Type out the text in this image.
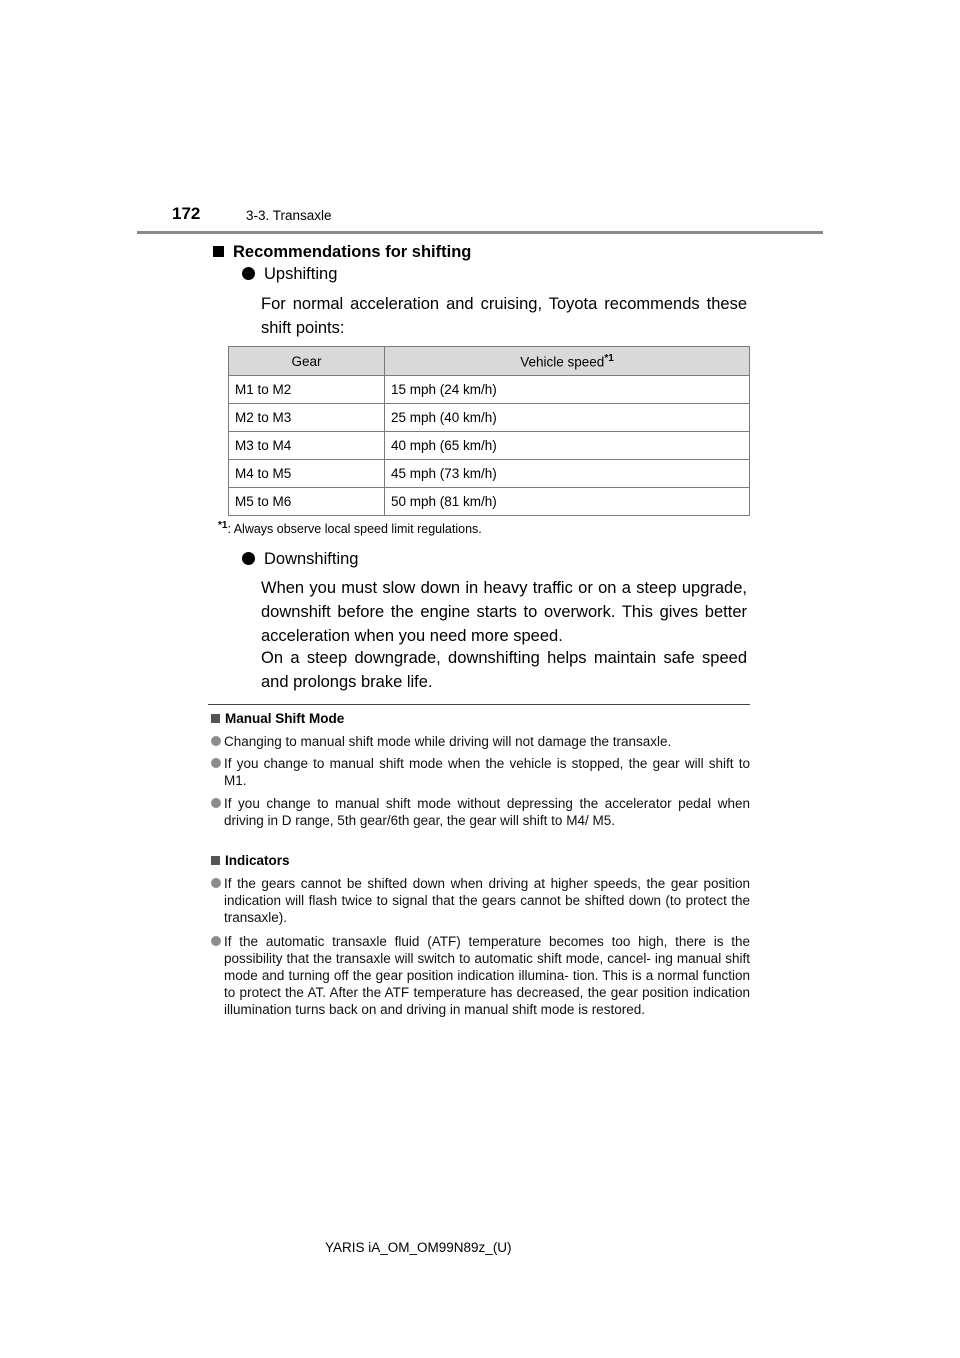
172	3-3. Transaxle
Recommendations for shifting
Upshifting
For normal acceleration and cruising, Toyota recommends these shift points:
Gear	Vehicle speed$^{*1}$
M1 to M2	15 mph (24 km/h)
M2 to M3	25 mph (40 km/h)
M3 to M4	40 mph (65 km/h)
M4 to M5	45 mph (73 km/h)
M5 to M6	50 mph (81 km/h)
$^{*1}$: Always observe local speed limit regulations.
Downshifting
When you must slow down in heavy traffic or on a steep upgrade, downshift before the engine starts to overwork. This gives better acceleration when you need more speed.
On a steep downgrade, downshifting helps maintain safe speed and prolongs brake life.
Manual Shift Mode
Changing to manual shift mode while driving will not damage the transaxle.
If you change to manual shift mode when the vehicle is stopped, the gear will shift to M1.
If you change to manual shift mode without depressing the accelerator pedal when driving in D range, 5th gear/6th gear, the gear will shift to M4/ M5.
Indicators
If the gears cannot be shifted down when driving at higher speeds, the gear position indication will flash twice to signal that the gears cannot be shifted down (to protect the transaxle).
If the automatic transaxle fluid (ATF) temperature becomes too high, there is the possibility that the transaxle will switch to automatic shift mode, cancel- ing manual shift mode and turning off the gear position indication illumina- tion. This is a normal function to protect the AT. After the ATF temperature has decreased, the gear position indication illumination turns back on and driving in manual shift mode is restored.
YARIS iA_OM_OM99N89z_(U)
